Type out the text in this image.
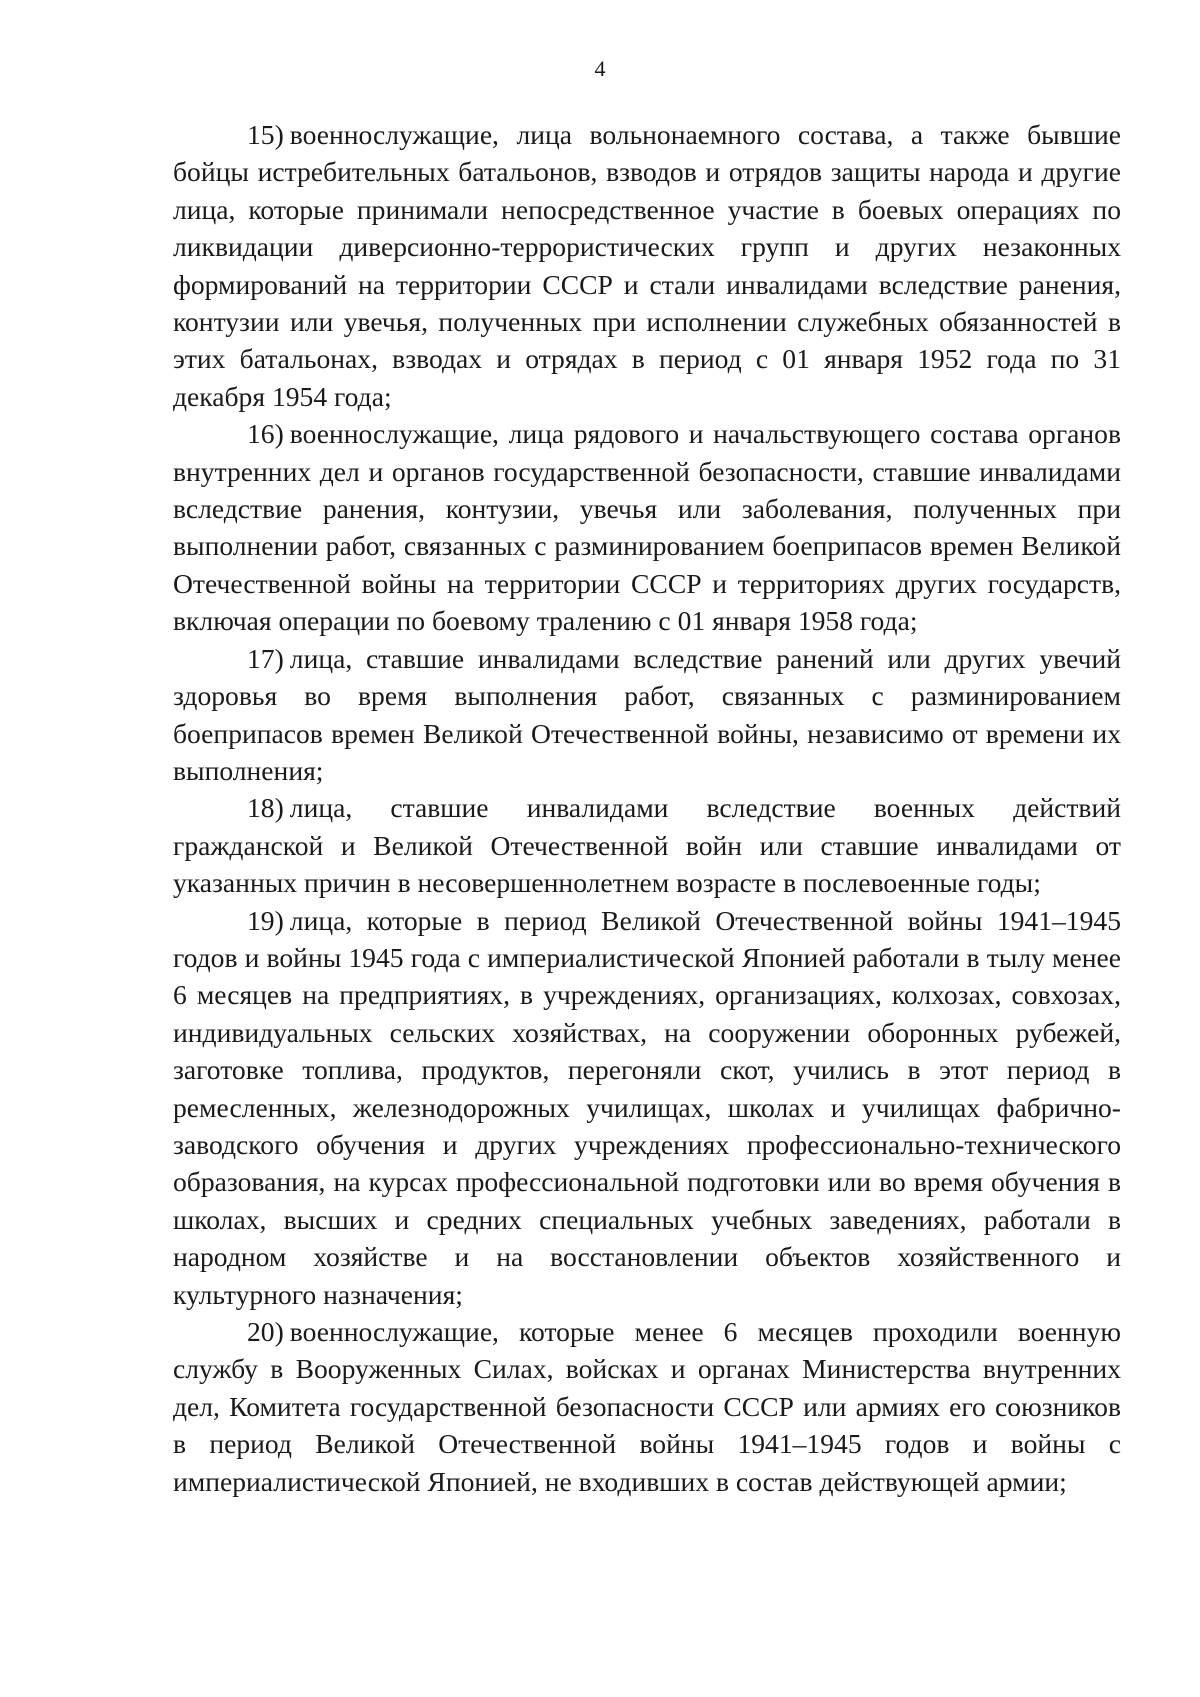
4

15) военнослужащие, лица вольнонаемного состава, а также бывшие бойцы истребительных батальонов, взводов и отрядов защиты народа и другие лица, которые принимали непосредственное участие в боевых операциях по ликвидации диверсионно-террористических групп и других незаконных формирований на территории СССР и стали инвалидами вследствие ранения, контузии или увечья, полученных при исполнении служебных обязанностей в этих батальонах, взводах и отрядах в период с 01 января 1952 года по 31 декабря 1954 года;

16) военнослужащие, лица рядового и начальствующего состава органов внутренних дел и органов государственной безопасности, ставшие инвалидами вследствие ранения, контузии, увечья или заболевания, полученных при выполнении работ, связанных с разминированием боеприпасов времен Великой Отечественной войны на территории СССР и территориях других государств, включая операции по боевому тралению с 01 января 1958 года;

17) лица, ставшие инвалидами вследствие ранений или других увечий здоровья во время выполнения работ, связанных с разминированием боеприпасов времен Великой Отечественной войны, независимо от времени их выполнения;

18) лица, ставшие инвалидами вследствие военных действий гражданской и Великой Отечественной войн или ставшие инвалидами от указанных причин в несовершеннолетнем возрасте в послевоенные годы;

19) лица, которые в период Великой Отечественной войны 1941–1945 годов и войны 1945 года с империалистической Японией работали в тылу менее 6 месяцев на предприятиях, в учреждениях, организациях, колхозах, совхозах, индивидуальных сельских хозяйствах, на сооружении оборонных рубежей, заготовке топлива, продуктов, перегоняли скот, учились в этот период в ремесленных, железнодорожных училищах, школах и училищах фабрично-заводского обучения и других учреждениях профессионально-технического образования, на курсах профессиональной подготовки или во время обучения в школах, высших и средних специальных учебных заведениях, работали в народном хозяйстве и на восстановлении объектов хозяйственного и культурного назначения;

20) военнослужащие, которые менее 6 месяцев проходили военную службу в Вооруженных Силах, войсках и органах Министерства внутренних дел, Комитета государственной безопасности СССР или армиях его союзников в период Великой Отечественной войны 1941–1945 годов и войны с империалистической Японией, не входивших в состав действующей армии;
